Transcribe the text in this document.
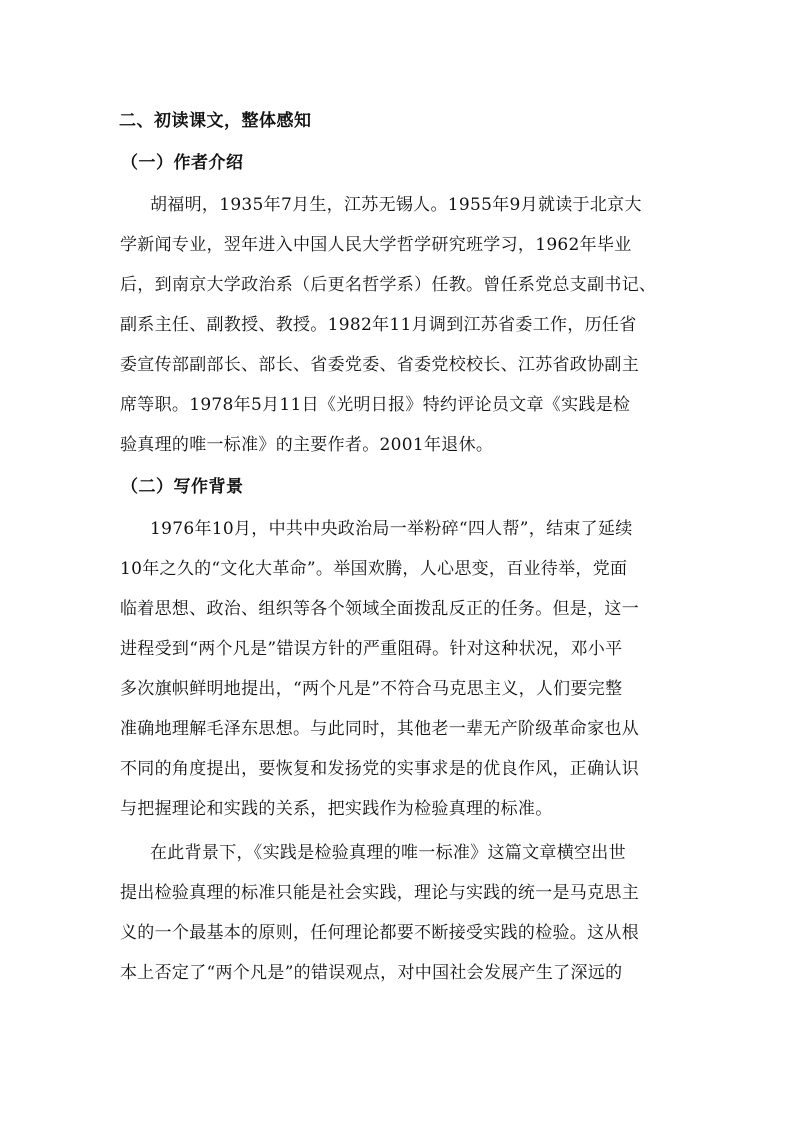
二、初读课文，整体感知
（一）作者介绍
胡福明，1935年7月生，江苏无锡人。1955年9月就读于北京大
学新闻专业，翌年进入中国人民大学哲学研究班学习，1962年毕业
后，到南京大学政治系（后更名哲学系）任教。曾任系党总支副书记、
副系主任、副教授、教授。1982年11月调到江苏省委工作，历任省
委宣传部副部长、部长、省委党委、省委党校校长、江苏省政协副主
席等职。1978年5月11日《光明日报》特约评论员文章《实践是检
验真理的唯一标准》的主要作者。2001年退休。
（二）写作背景
1976年10月，中共中央政治局一举粉碎“四人帮”，结束了延续
10年之久的“文化大革命”。举国欢腾，人心思变，百业待举，党面
临着思想、政治、组织等各个领域全面拨乱反正的任务。但是，这一
进程受到“两个凡是”错误方针的严重阻碍。针对这种状况，邓小平
多次旗帜鲜明地提出，“两个凡是”不符合马克思主义，人们要完整
准确地理解毛泽东思想。与此同时，其他老一辈无产阶级革命家也从
不同的角度提出，要恢复和发扬党的实事求是的优良作风，正确认识
与把握理论和实践的关系，把实践作为检验真理的标准。
在此背景下，《实践是检验真理的唯一标准》这篇文章横空出世
提出检验真理的标准只能是社会实践，理论与实践的统一是马克思主
义的一个最基本的原则，任何理论都要不断接受实践的检验。这从根
本上否定了“两个凡是”的错误观点，对中国社会发展产生了深远的
